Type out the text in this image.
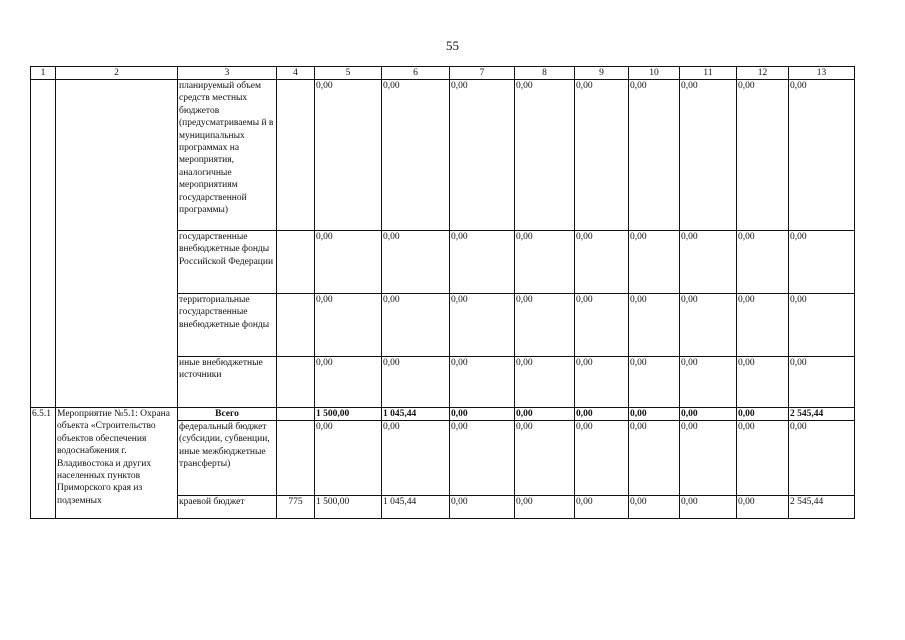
55
1	2	3	4	5	6	7	8	9	10	11	12	13
		планируемый объем средств местных бюджетов (предусматриваемы й в муниципальных программах на мероприятия, аналогичные мероприятиям государственной программы)		0,00	0,00	0,00	0,00	0,00	0,00	0,00	0,00	0,00
		государственные внебюджетные фонды Российской Федерации		0,00	0,00	0,00	0,00	0,00	0,00	0,00	0,00	0,00
		территориальные государственные внебюджетные фонды		0,00	0,00	0,00	0,00	0,00	0,00	0,00	0,00	0,00
		иные внебюджетные источники		0,00	0,00	0,00	0,00	0,00	0,00	0,00	0,00	0,00
6.5.1	Мероприятие №5.1: Охрана объекта «Строительство объектов обеспечения водоснабжения г. Владивостока и других населенных пунктов Приморского края из подземных	Всего		1 500,00	1 045,44	0,00	0,00	0,00	0,00	0,00	0,00	2 545,44
		федеральный бюджет (субсидии, субвенции, иные межбюджетные трансферты)		0,00	0,00	0,00	0,00	0,00	0,00	0,00	0,00	0,00
		краевой бюджет	775	1 500,00	1 045,44	0,00	0,00	0,00	0,00	0,00	0,00	2 545,44
